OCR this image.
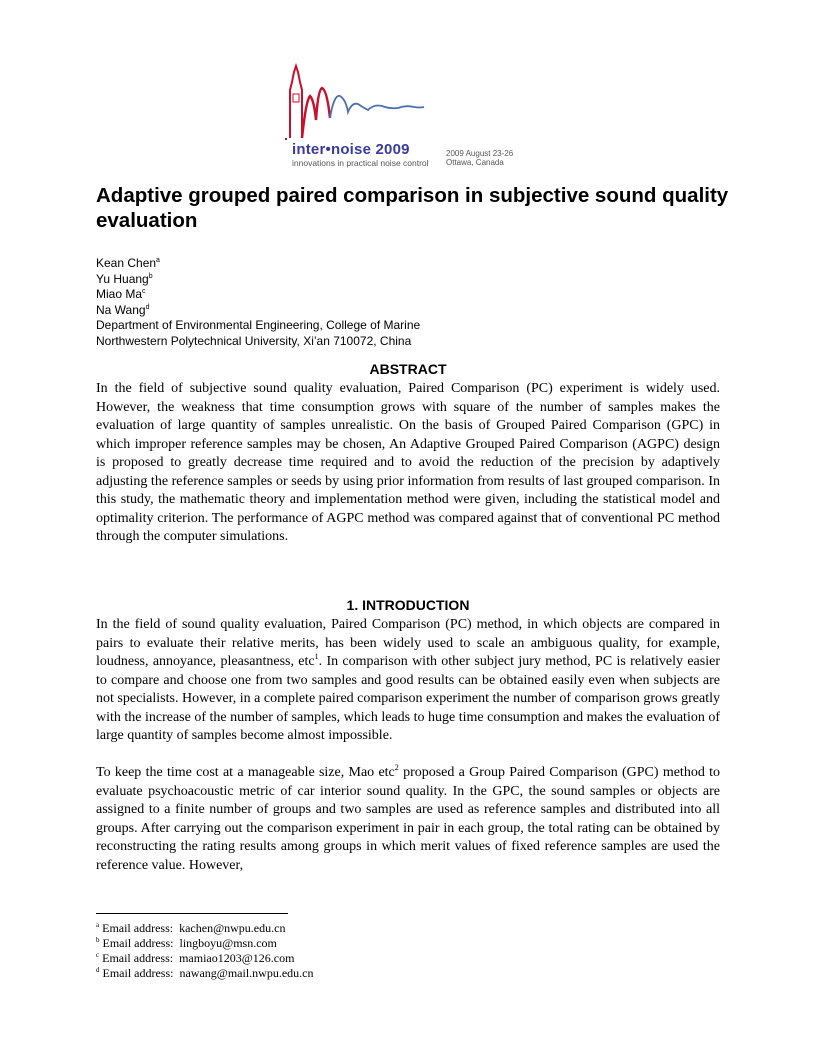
inter•noise 2009
innovations in practical noise control
2009 August 23-26
Ottawa, Canada
Adaptive grouped paired comparison in subjective sound quality evaluation
Kean Chen$^a$
Yu Huang$^b$
Miao Ma$^c$
Na Wang$^d$
Department of Environmental Engineering, College of Marine
Northwestern Polytechnical University, Xi’an 710072, China
ABSTRACT

In the field of subjective sound quality evaluation, Paired Comparison (PC) experiment is widely used. However, the weakness that time consumption grows with square of the number of samples makes the evaluation of large quantity of samples unrealistic. On the basis of Grouped Paired Comparison (GPC) in which improper reference samples may be chosen, An Adaptive Grouped Paired Comparison (AGPC) design is proposed to greatly decrease time required and to avoid the reduction of the precision by adaptively adjusting the reference samples or seeds by using prior information from results of last grouped comparison. In this study, the mathematic theory and implementation method were given, including the statistical model and optimality criterion. The performance of AGPC method was compared against that of conventional PC method through the computer simulations.

1. INTRODUCTION

In the field of sound quality evaluation, Paired Comparison (PC) method, in which objects are compared in pairs to evaluate their relative merits, has been widely used to scale an ambiguous quality, for example, loudness, annoyance, pleasantness, etc$^1$. In comparison with other subject jury method, PC is relatively easier to compare and choose one from two samples and good results can be obtained easily even when subjects are not specialists. However, in a complete paired comparison experiment the number of comparison grows greatly with the increase of the number of samples, which leads to huge time consumption and makes the evaluation of large quantity of samples become almost impossible.

To keep the time cost at a manageable size, Mao etc$^2$ proposed a Group Paired Comparison (GPC) method to evaluate psychoacoustic metric of car interior sound quality. In the GPC, the sound samples or objects are assigned to a finite number of groups and two samples are used as reference samples and distributed into all groups. After carrying out the comparison experiment in pair in each group, the total rating can be obtained by reconstructing the rating results among groups in which merit values of fixed reference samples are used the reference value. However,

$^a$ Email address:  kachen@nwpu.edu.cn
$^b$ Email address:  lingboyu@msn.com
$^c$ Email address:  mamiao1203@126.com
$^d$ Email address:  nawang@mail.nwpu.edu.cn
